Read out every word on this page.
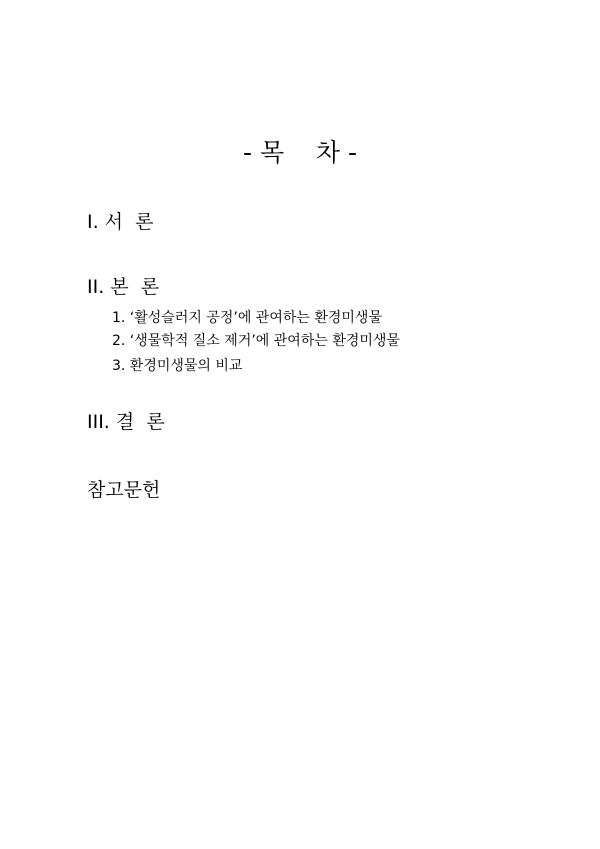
- 목    차 -
I. 서  론
II. 본  론
1. ‘활성슬러지 공정’에 관여하는 환경미생물
2. ‘생물학적 질소 제거’에 관여하는 환경미생물
3. 환경미생물의 비교
III. 결  론
참고문헌
